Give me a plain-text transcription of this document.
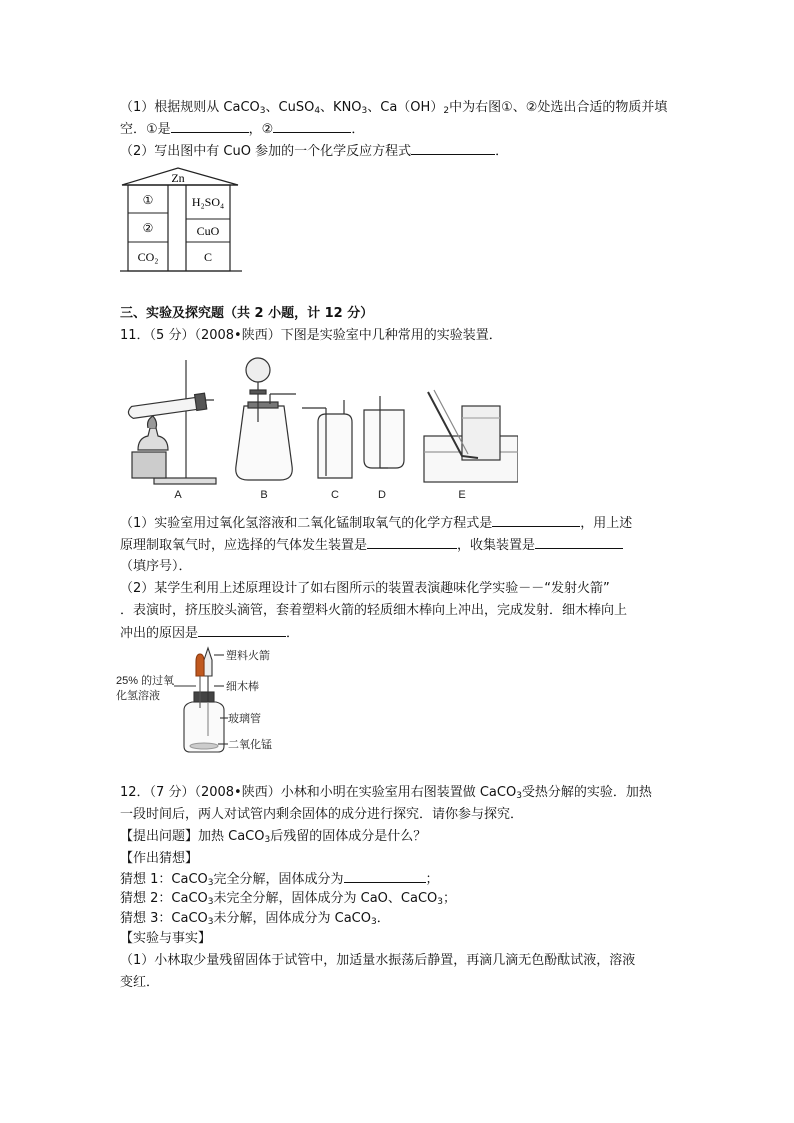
（1）根据规则从 CaCO$_3$、CuSO$_4$、$KNO_3$、$Ca(OH)_2$中为右图①、②处选出合适的物质并填
空．①是	，②	．
（2）写出图中有 CuO 参加的一个化学反应方程式	．
Zn
①
②
CO₂
H₂SO₄
CuO
C
三、实验及探究题（共 2 小题，计 12 分）
11．（5 分）（2008•陕西）下图是实验室中几种常用的实验装置．
A	B	C	D	E
（1）实验室用过氧化氢溶液和二氧化锰制取氧气的化学方程式是	，用上述
原理制取氧气时，应选择的气体发生装置是	，收集装置是
（填序号）．
（2）某学生利用上述原理设计了如右图所示的装置表演趣味化学实验－－“发射火箭”
．表演时，挤压胶头滴管，套着塑料火箭的轻质细木棒向上冲出，完成发射．细木棒向上
冲出的原因是	．
塑料火箭
25% 的过氧
化氢溶液
细木棒
玻璃管
二氧化锰
12．（7 分）（2008•陕西）小林和小明在实验室用右图装置做 CaCO$_3$受热分解的实验．加热
一段时间后，两人对试管内剩余固体的成分进行探究．请你参与探究．
【提出问题】加热 CaCO$_3$后残留的固体成分是什么？
【作出猜想】
猜想 1：CaCO$_3$完全分解，固体成分为	；
猜想 2：CaCO$_3$未完全分解，固体成分为 CaO、CaCO$_3$；
猜想 3：CaCO$_3$未分解，固体成分为 CaCO$_3$．
【实验与事实】
（1）小林取少量残留固体于试管中，加适量水振荡后静置，再滴几滴无色酚酞试液，溶液
变红．
